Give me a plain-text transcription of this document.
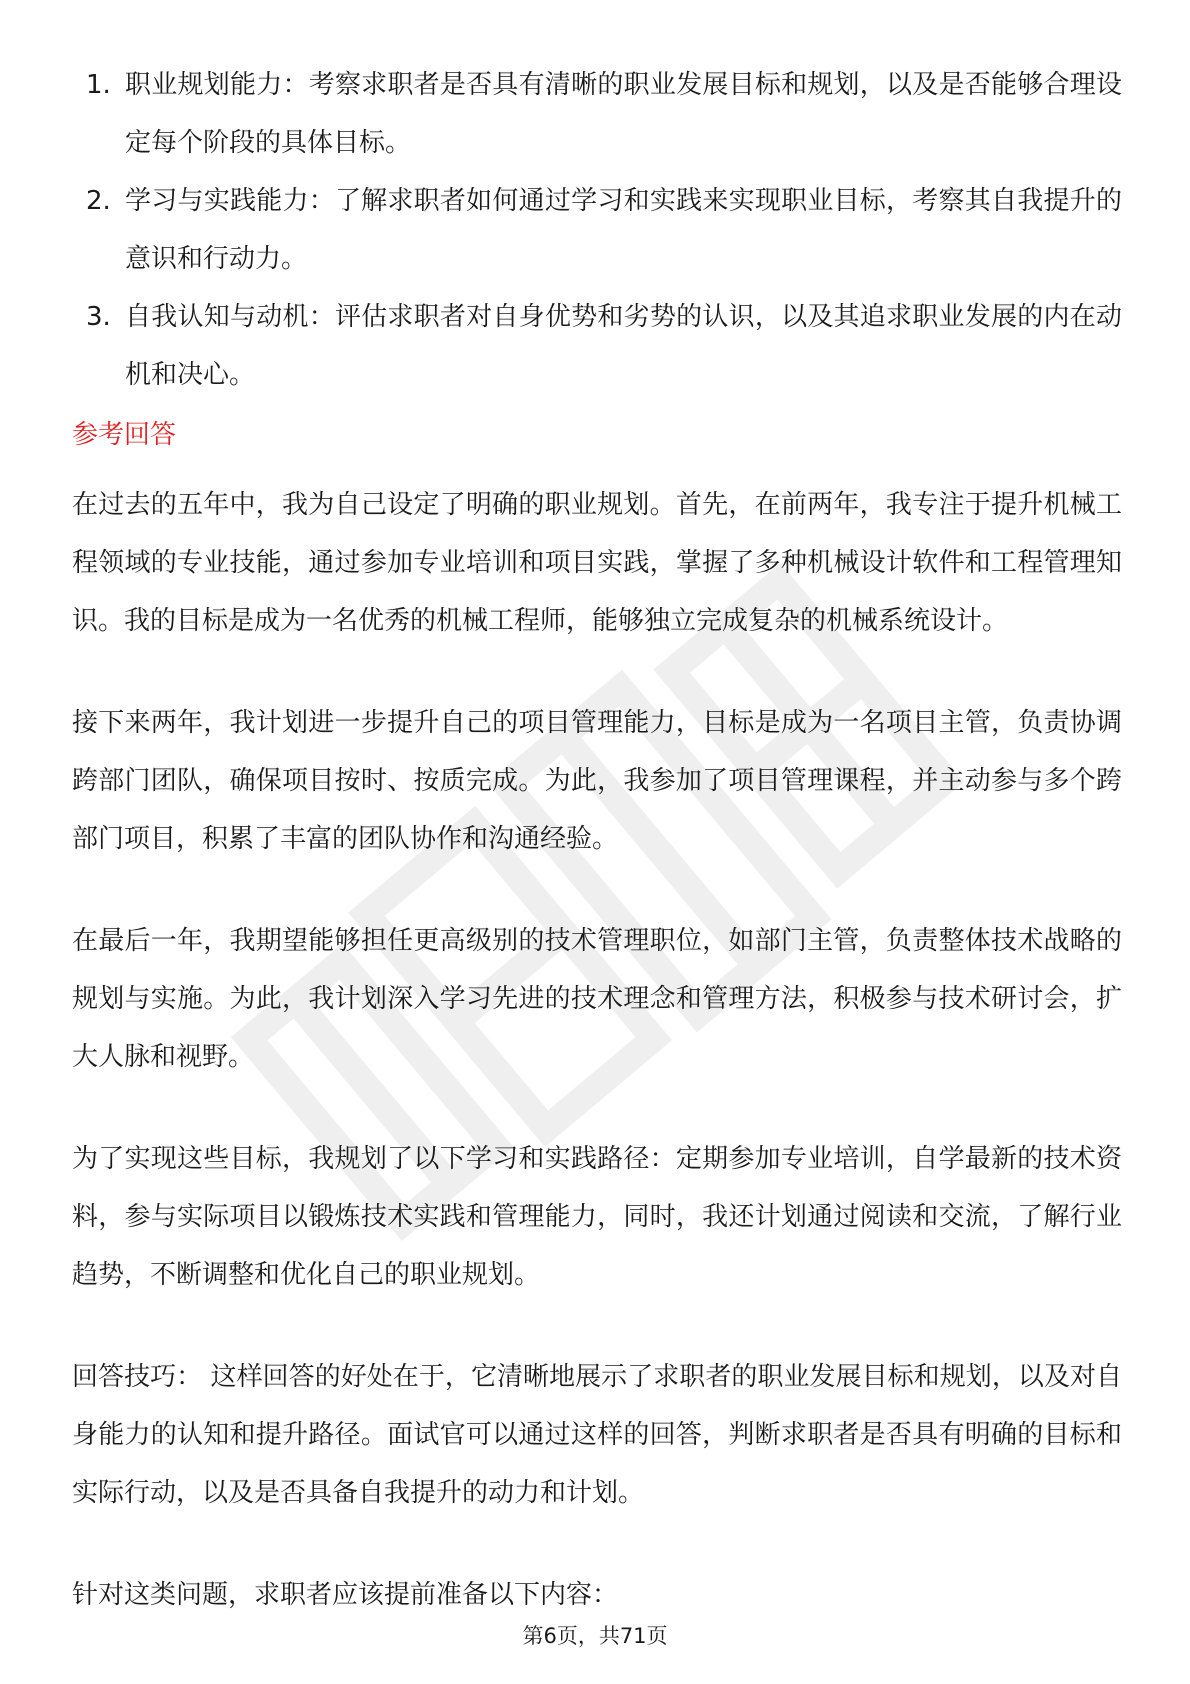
1. 职业规划能力：考察求职者是否具有清晰的职业发展目标和规划，以及是否能够合理设定每个阶段的具体目标。
2. 学习与实践能力：了解求职者如何通过学习和实践来实现职业目标，考察其自我提升的意识和行动力。
3. 自我认知与动机：评估求职者对自身优势和劣势的认识，以及其追求职业发展的内在动机和决心。
参考回答

在过去的五年中，我为自己设定了明确的职业规划。首先，在前两年，我专注于提升机械工程领域的专业技能，通过参加专业培训和项目实践，掌握了多种机械设计软件和工程管理知识。我的目标是成为一名优秀的机械工程师，能够独立完成复杂的机械系统设计。

接下来两年，我计划进一步提升自己的项目管理能力，目标是成为一名项目主管，负责协调跨部门团队，确保项目按时、按质完成。为此，我参加了项目管理课程，并主动参与多个跨部门项目，积累了丰富的团队协作和沟通经验。

在最后一年，我期望能够担任更高级别的技术管理职位，如部门主管，负责整体技术战略的规划与实施。为此，我计划深入学习先进的技术理念和管理方法，积极参与技术研讨会，扩大人脉和视野。

为了实现这些目标，我规划了以下学习和实践路径：定期参加专业培训，自学最新的技术资料，参与实际项目以锻炼技术实践和管理能力，同时，我还计划通过阅读和交流，了解行业趋势，不断调整和优化自己的职业规划。

回答技巧： 这样回答的好处在于，它清晰地展示了求职者的职业发展目标和规划，以及对自身能力的认知和提升路径。面试官可以通过这样的回答，判断求职者是否具有明确的目标和实际行动，以及是否具备自我提升的动力和计划。

针对这类问题，求职者应该提前准备以下内容：

第6页，共71页
